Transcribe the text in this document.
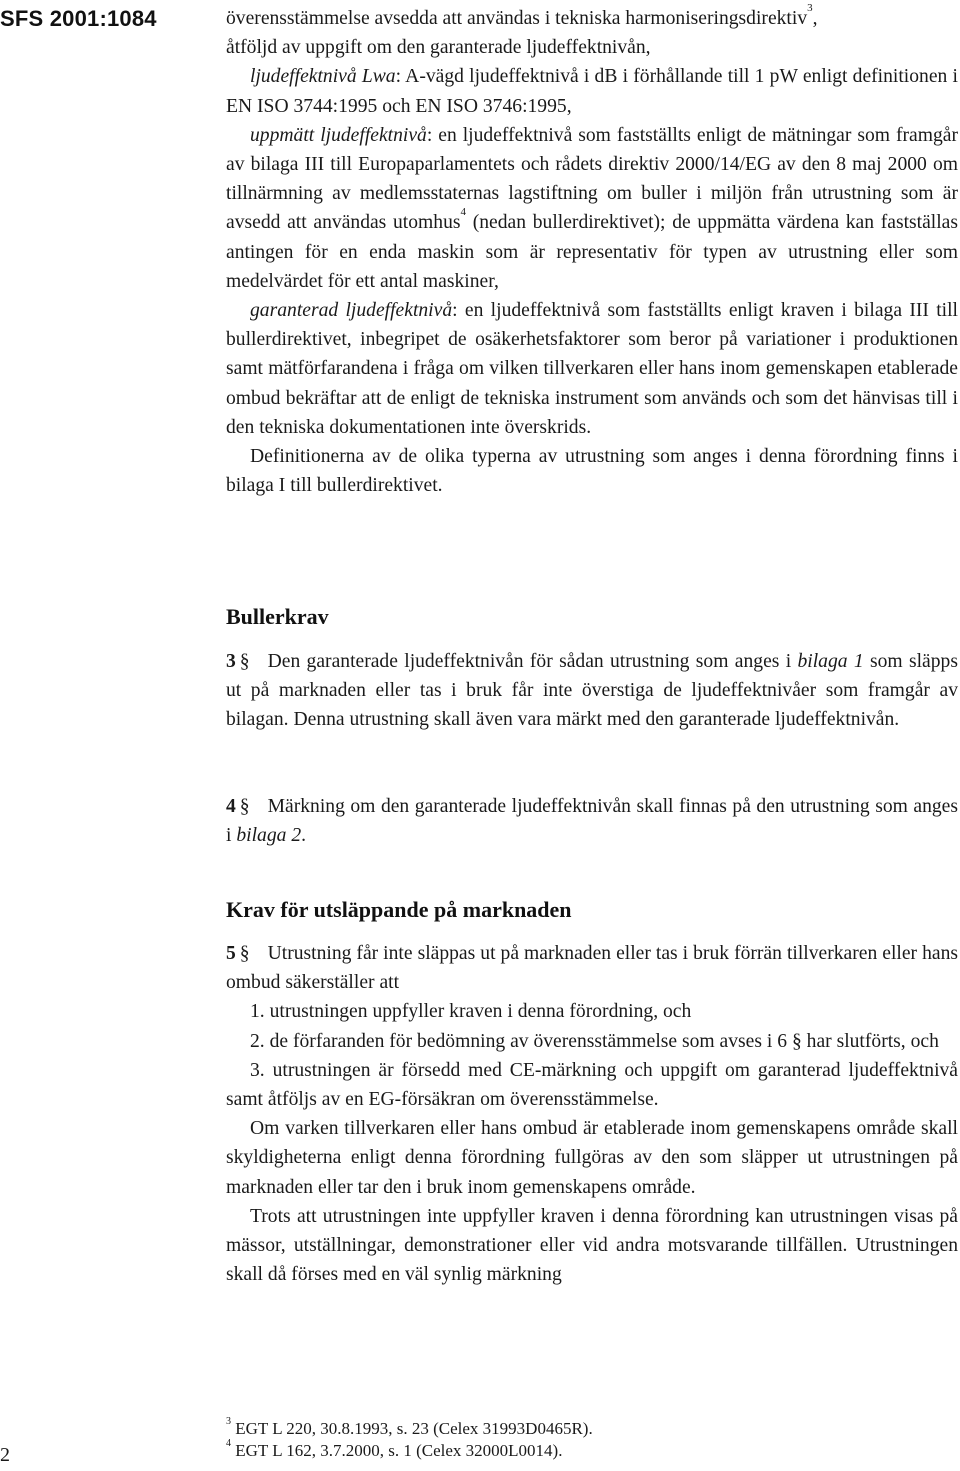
SFS 2001:1084	överensstämmelse avsedda att användas i tekniska harmoniseringsdirektiv$^3$,

åtföljd av uppgift om den garanterade ljudeffektnivån,

ljudeffektnivå Lwa: A-vägd ljudeffektnivå i dB i förhållande till 1 pW enligt definitionen i EN ISO 3744:1995 och EN ISO 3746:1995,

uppmätt ljudeffektnivå: en ljudeffektnivå som fastställts enligt de mätningar som framgår av bilaga III till Europaparlamentets och rådets direktiv 2000/14/EG av den 8 maj 2000 om tillnärmning av medlemsstaternas lagstiftning om buller i miljön från utrustning som är avsedd att användas utomhus$^4$ (nedan bullerdirektivet); de uppmätta värdena kan fastställas antingen för en enda maskin som är representativ för typen av utrustning eller som medelvärdet för ett antal maskiner,

garanterad ljudeffektnivå: en ljudeffektnivå som fastställts enligt kraven i bilaga III till bullerdirektivet, inbegripet de osäkerhetsfaktorer som beror på variationer i produktionen samt mätförfarandena i fråga om vilken tillverkaren eller hans inom gemenskapen etablerade ombud bekräftar att de enligt de tekniska instrument som används och som det hänvisas till i den tekniska dokumentationen inte överskrids.

Definitionerna av de olika typerna av utrustning som anges i denna förordning finns i bilaga I till bullerdirektivet.

Bullerkrav

3 § Den garanterade ljudeffektnivån för sådan utrustning som anges i bilaga 1 som släpps ut på marknaden eller tas i bruk får inte överstiga de ljudeffektnivåer som framgår av bilagan. Denna utrustning skall även vara märkt med den garanterade ljudeffektnivån.

4 § Märkning om den garanterade ljudeffektnivån skall finnas på den utrustning som anges i bilaga 2.

Krav för utsläppande på marknaden

5 § Utrustning får inte släppas ut på marknaden eller tas i bruk förrän tillverkaren eller hans ombud säkerställer att

1. utrustningen uppfyller kraven i denna förordning, och

2. de förfaranden för bedömning av överensstämmelse som avses i 6 § har slutförts, och

3. utrustningen är försedd med CE-märkning och uppgift om garanterad ljudeffektnivå samt åtföljs av en EG-försäkran om överensstämmelse.

Om varken tillverkaren eller hans ombud är etablerade inom gemenskapens område skall skyldigheterna enligt denna förordning fullgöras av den som släpper ut utrustningen på marknaden eller tar den i bruk inom gemenskapens område.

Trots att utrustningen inte uppfyller kraven i denna förordning kan utrustningen visas på mässor, utställningar, demonstrationer eller vid andra motsvarande tillfällen. Utrustningen skall då förses med en väl synlig märkning

$^3$ EGT L 220, 30.8.1993, s. 23 (Celex 31993D0465R).
$^4$ EGT L 162, 3.7.2000, s. 1 (Celex 32000L0014).
2
